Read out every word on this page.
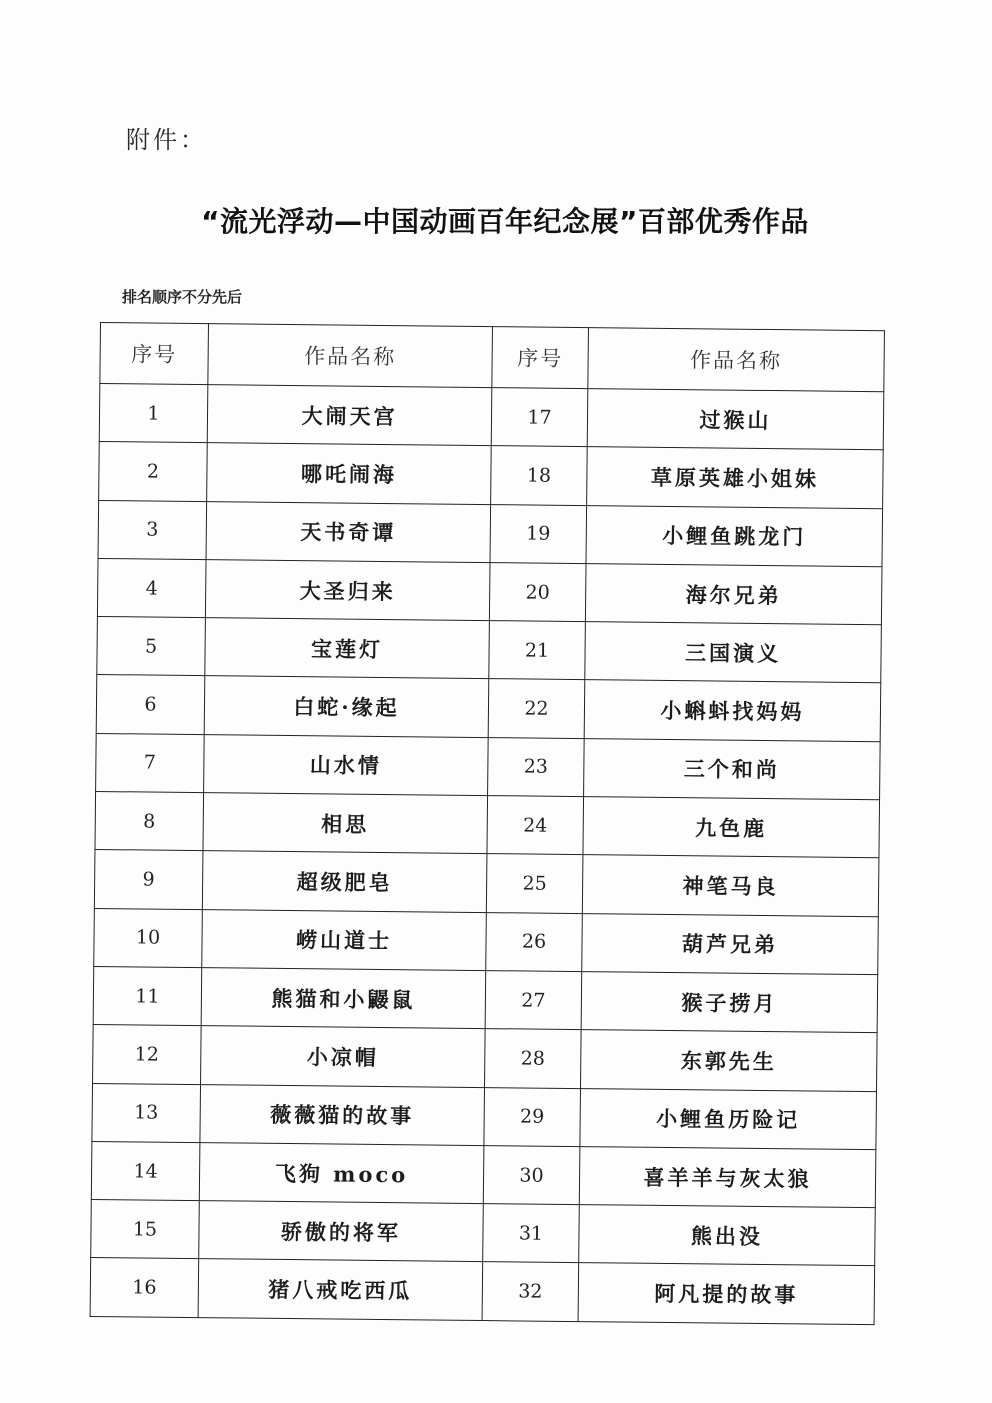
附件：
“流光浮动—中国动画百年纪念展”百部优秀作品
排名顺序不分先后
序号	作品名称	序号	作品名称
1	大闹天宫	17	过猴山
2	哪吒闹海	18	草原英雄小姐妹
3	天书奇谭	19	小鲤鱼跳龙门
4	大圣归来	20	海尔兄弟
5	宝莲灯	21	三国演义
6	白蛇·缘起	22	小蝌蚪找妈妈
7	山水情	23	三个和尚
8	相思	24	九色鹿
9	超级肥皂	25	神笔马良
10	崂山道士	26	葫芦兄弟
11	熊猫和小鼹鼠	27	猴子捞月
12	小凉帽	28	东郭先生
13	薇薇猫的故事	29	小鲤鱼历险记
14	飞狗 moco	30	喜羊羊与灰太狼
15	骄傲的将军	31	熊出没
16	猪八戒吃西瓜	32	阿凡提的故事
